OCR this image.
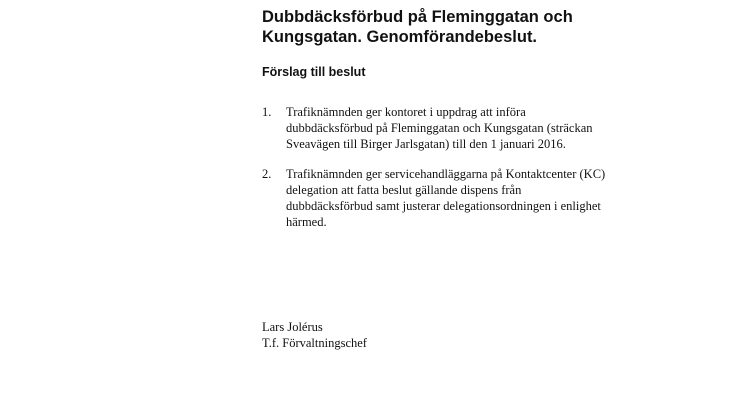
Dubbdäcksförbud på Fleminggatan och
Kungsgatan. Genomförandebeslut.
Förslag till beslut
1. Trafiknämnden ger kontoret i uppdrag att införa
dubbdäcksförbud på Fleminggatan och Kungsgatan (sträckan
Sveavägen till Birger Jarlsgatan) till den 1 januari 2016.
2. Trafiknämnden ger servicehandläggarna på Kontaktcenter (KC)
delegation att fatta beslut gällande dispens från
dubbdäcksförbud samt justerar delegationsordningen i enlighet
härmed.
Lars Jolérus
T.f. Förvaltningschef
